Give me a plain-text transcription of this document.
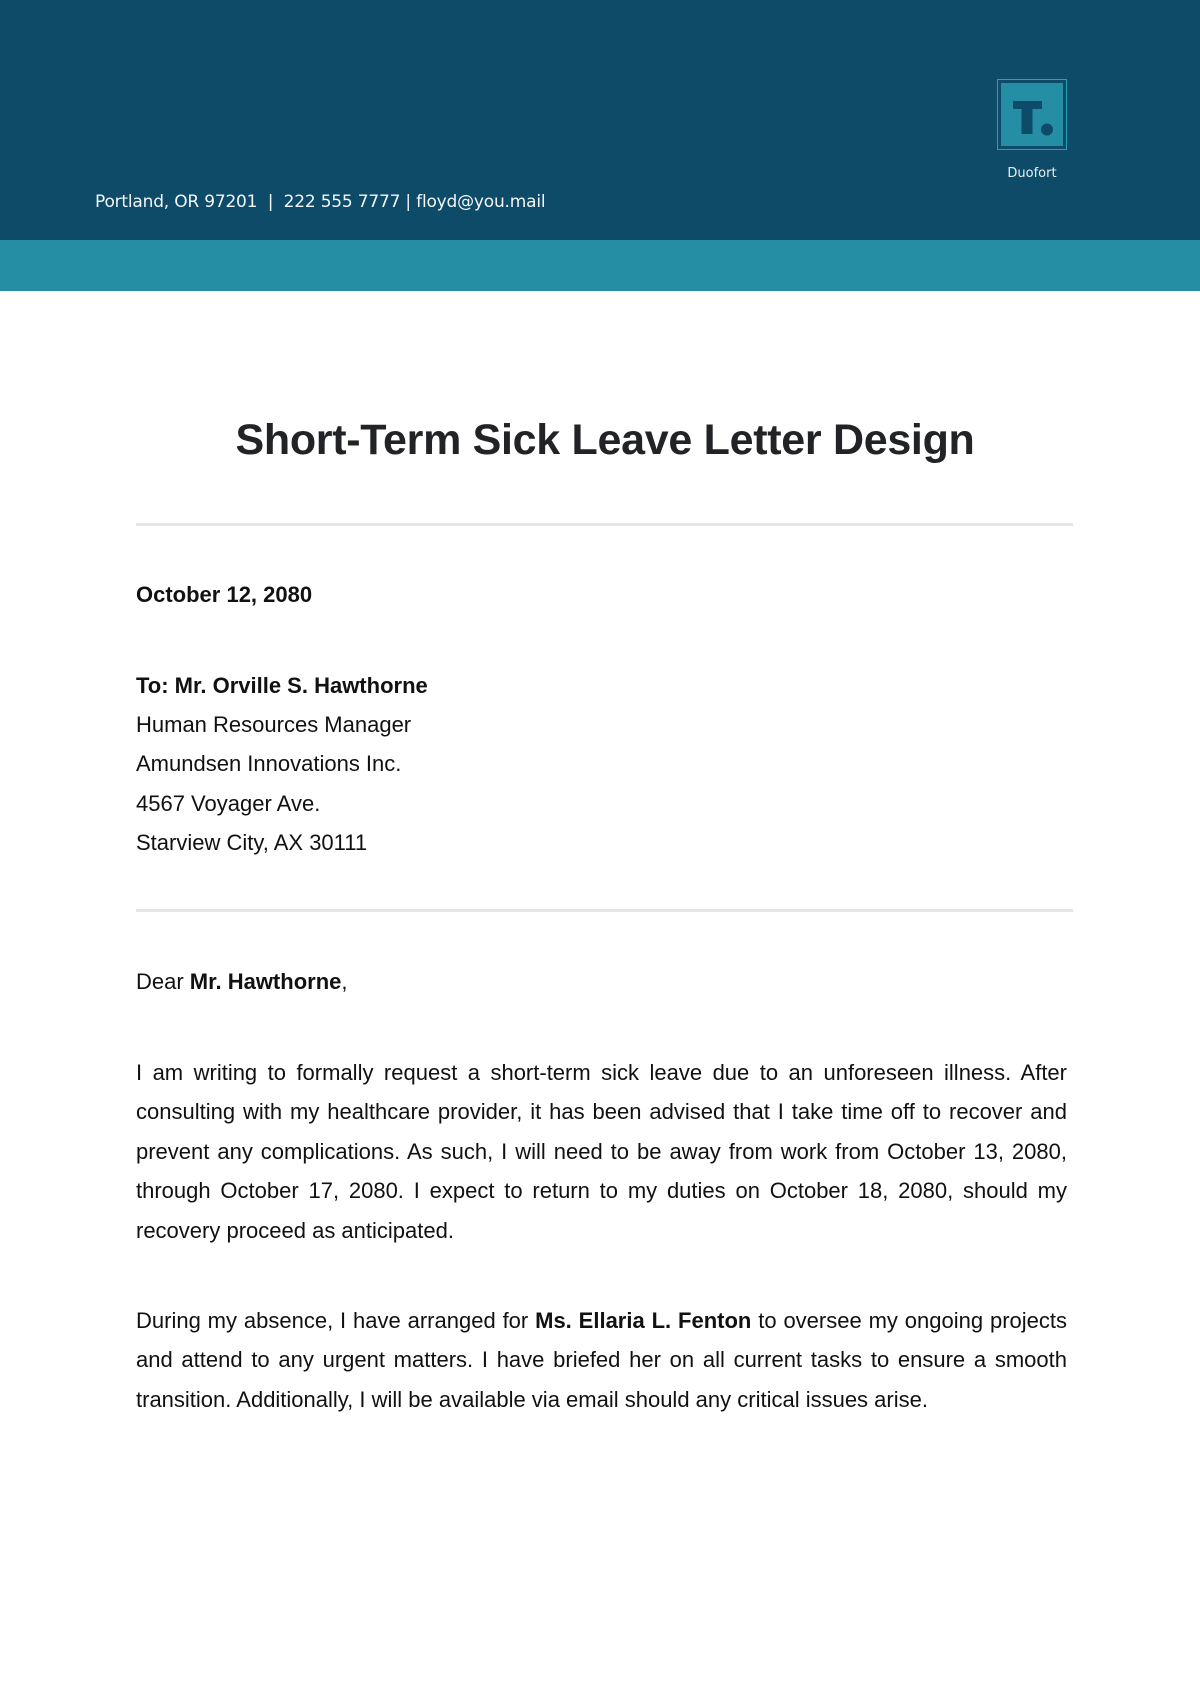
Portland, OR 97201  |  222 555 7777 | floyd@you.mail
Duofort
Short-Term Sick Leave Letter Design
October 12, 2080
To: Mr. Orville S. Hawthorne
Human Resources Manager
Amundsen Innovations Inc.
4567 Voyager Ave.
Starview City, AX 30111
Dear Mr. Hawthorne,
I am writing to formally request a short-term sick leave due to an unforeseen illness. After consulting with my healthcare provider, it has been advised that I take time off to recover and prevent any complications. As such, I will need to be away from work from October 13, 2080, through October 17, 2080. I expect to return to my duties on October 18, 2080, should my recovery proceed as anticipated.
During my absence, I have arranged for Ms. Ellaria L. Fenton to oversee my ongoing projects and attend to any urgent matters. I have briefed her on all current tasks to ensure a smooth transition. Additionally, I will be available via email should any critical issues arise.
